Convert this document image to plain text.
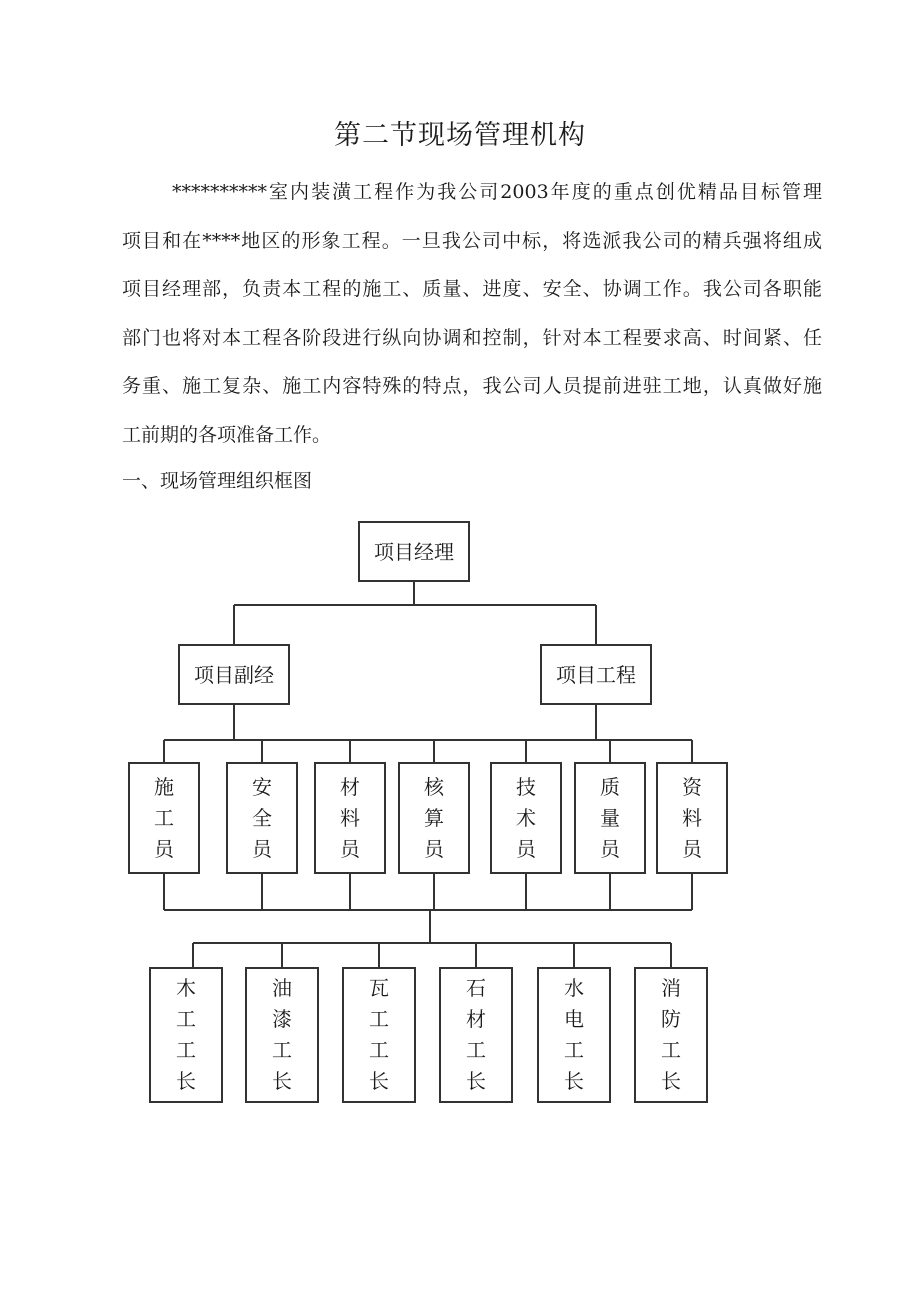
第二节现场管理机构
**********室内装潢工程作为我公司2003年度的重点创优精品目标管理
项目和在****地区的形象工程。一旦我公司中标，将选派我公司的精兵强将组成
项目经理部，负责本工程的施工、质量、进度、安全、协调工作。我公司各职能
部门也将对本工程各阶段进行纵向协调和控制，针对本工程要求高、时间紧、任
务重、施工复杂、施工内容特殊的特点，我公司人员提前进驻工地，认真做好施
工前期的各项准备工作。
一、现场管理组织框图
项目经理
项目副经	项目工程
施工员
安全员
材料员
核算员
技术员
质量员
资料员
木工工长
油漆工长
瓦工工长
石材工长
水电工长
消防工长
